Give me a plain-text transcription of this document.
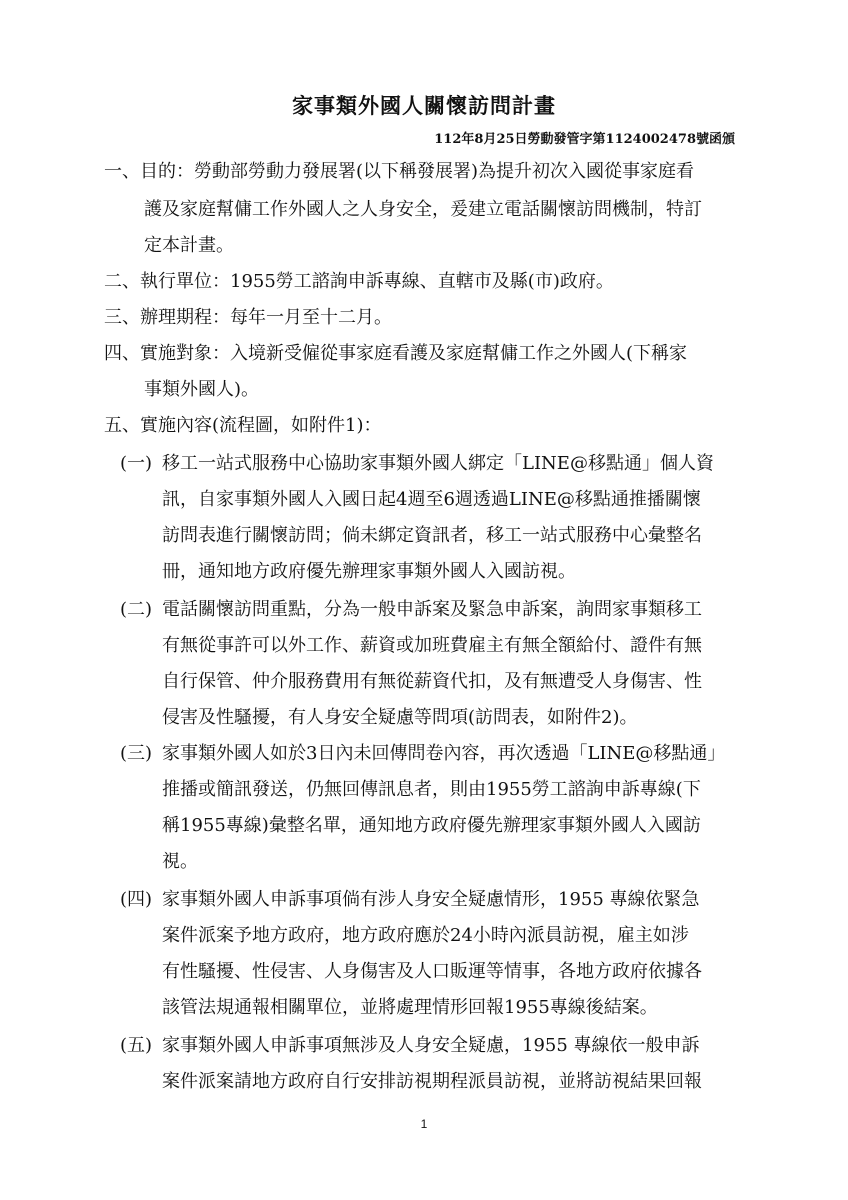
家事類外國人關懷訪問計畫
112年8月25日勞動發管字第1124002478號函頒
一、 目的：勞動部勞動力發展署(以下稱發展署)為提升初次入國從事家庭看
護及家庭幫傭工作外國人之人身安全，爰建立電話關懷訪問機制，特訂
定本計畫。
二、 執行單位：1955勞工諮詢申訴專線、直轄市及縣(市)政府。
三、 辦理期程：每年一月至十二月。
四、 實施對象：入境新受僱從事家庭看護及家庭幫傭工作之外國人(下稱家
事類外國人)。
五、 實施內容(流程圖，如附件1)：
(一) 移工一站式服務中心協助家事類外國人綁定「LINE@移點通」個人資
訊，自家事類外國人入國日起4週至6週透過LINE@移點通推播關懷
訪問表進行關懷訪問；倘未綁定資訊者，移工一站式服務中心彙整名
冊，通知地方政府優先辦理家事類外國人入國訪視。
(二) 電話關懷訪問重點，分為一般申訴案及緊急申訴案，詢問家事類移工
有無從事許可以外工作、薪資或加班費雇主有無全額給付、證件有無
自行保管、仲介服務費用有無從薪資代扣，及有無遭受人身傷害、性
侵害及性騷擾，有人身安全疑慮等問項(訪問表，如附件2)。
(三) 家事類外國人如於3日內未回傳問卷內容，再次透過「LINE@移點通」
推播或簡訊發送，仍無回傳訊息者，則由1955勞工諮詢申訴專線(下
稱1955專線)彙整名單，通知地方政府優先辦理家事類外國人入國訪
視。
(四) 家事類外國人申訴事項倘有涉人身安全疑慮情形，1955 專線依緊急
案件派案予地方政府，地方政府應於24小時內派員訪視，雇主如涉
有性騷擾、性侵害、人身傷害及人口販運等情事，各地方政府依據各
該管法規通報相關單位，並將處理情形回報1955專線後結案。
(五) 家事類外國人申訴事項無涉及人身安全疑慮，1955 專線依一般申訴
案件派案請地方政府自行安排訪視期程派員訪視，並將訪視結果回報
1
